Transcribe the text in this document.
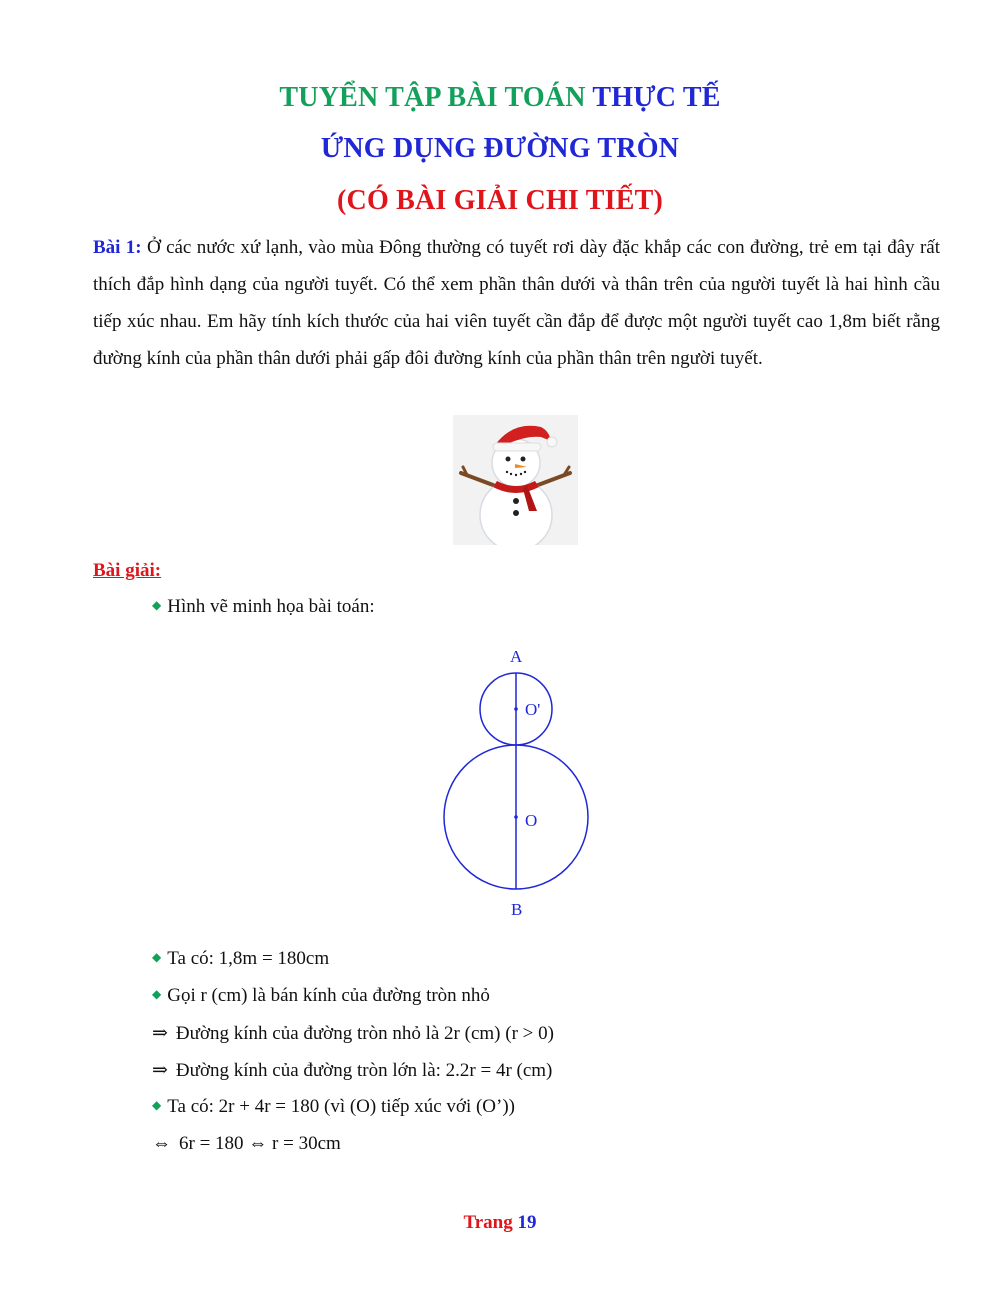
TUYỂN TẬP BÀI TOÁN THỰC TẾ
ỨNG DỤNG ĐƯỜNG TRÒN
(CÓ BÀI GIẢI CHI TIẾT)
Bài 1: Ở các nước xứ lạnh, vào mùa Đông thường có tuyết rơi dày đặc khắp các con đường, trẻ em tại đây rất thích đắp hình dạng của người tuyết. Có thể xem phần thân dưới và thân trên của người tuyết là hai hình cầu tiếp xúc nhau. Em hãy tính kích thước của hai viên tuyết cần đắp để được một người tuyết cao 1,8m biết rằng đường kính của phần thân dưới phải gấp đôi đường kính của phần thân trên người tuyết.
Bài giải:
◆ Hình vẽ minh họa bài toán:
A
O'
O
B
◆ Ta có: 1,8m = 180cm
◆ Gọi r (cm) là bán kính của đường tròn nhỏ
⇒ Đường kính của đường tròn nhỏ là 2r (cm) (r > 0)
⇒ Đường kính của đường tròn lớn là: 2.2r = 4r (cm)
◆ Ta có: 2r + 4r = 180 (vì (O) tiếp xúc với (O’))
⇔ 6r = 180 ⇔ r = 30cm
Trang 19
